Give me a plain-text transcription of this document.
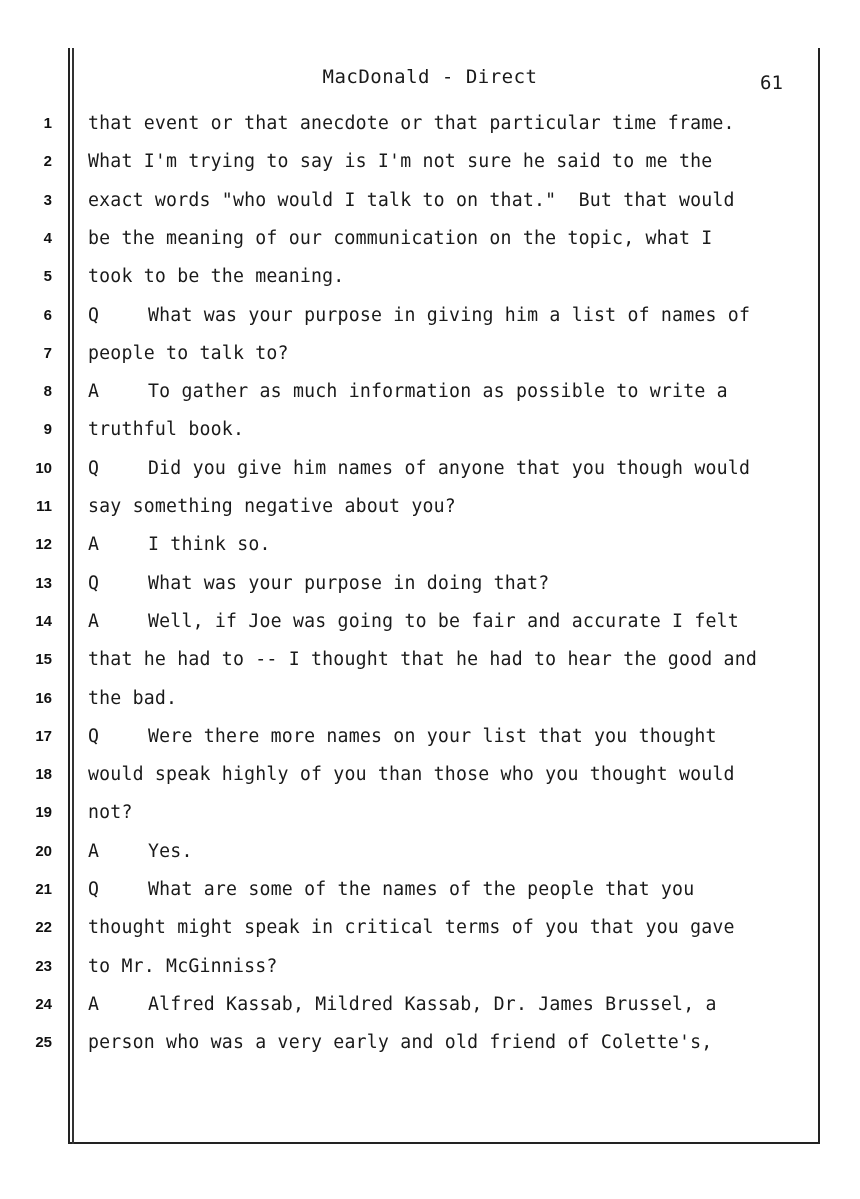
MacDonald - Direct	61
1
2
3
4
5
6
7
8
9
10
11
12
13
14
15
16
17
18
19
20
21
22
23
24
25
that event or that anecdote or that particular time frame.
What I'm trying to say is I'm not sure he said to me the
exact words "who would I talk to on that."  But that would
be the meaning of our communication on the topic, what I
took to be the meaning.
Q	What was your purpose in giving him a list of names of
people to talk to?
A	To gather as much information as possible to write a
truthful book.
Q	Did you give him names of anyone that you though would
say something negative about you?
A	I think so.
Q	What was your purpose in doing that?
A	Well, if Joe was going to be fair and accurate I felt
that he had to -- I thought that he had to hear the good and
the bad.
Q	Were there more names on your list that you thought
would speak highly of you than those who you thought would
not?
A	Yes.
Q	What are some of the names of the people that you
thought might speak in critical terms of you that you gave
to Mr. McGinniss?
A	Alfred Kassab, Mildred Kassab, Dr. James Brussel, a
person who was a very early and old friend of Colette's,
